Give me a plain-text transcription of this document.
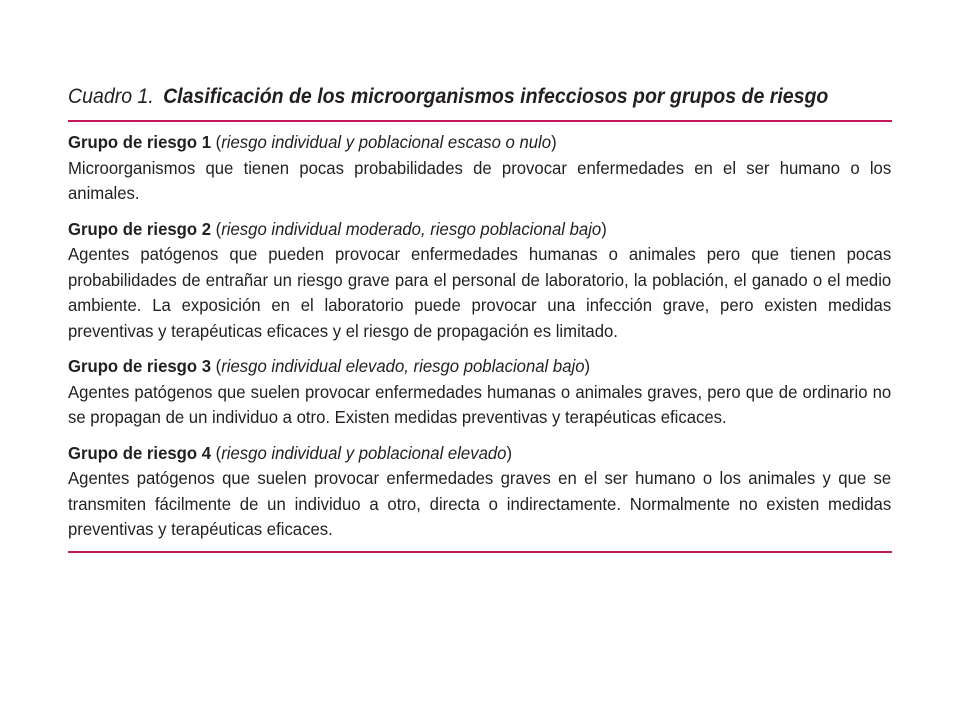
Cuadro 1. Clasificación de los microorganismos infecciosos por grupos de riesgo
Grupo de riesgo 1 (riesgo individual y poblacional escaso o nulo)
Microorganismos que tienen pocas probabilidades de provocar enfermedades en el ser humano o los animales.
Grupo de riesgo 2 (riesgo individual moderado, riesgo poblacional bajo)
Agentes patógenos que pueden provocar enfermedades humanas o animales pero que tienen pocas probabilidades de entrañar un riesgo grave para el personal de laboratorio, la población, el ganado o el medio ambiente. La exposición en el laboratorio puede provocar una infección grave, pero existen medidas preventivas y terapéuticas eficaces y el riesgo de propagación es limitado.
Grupo de riesgo 3 (riesgo individual elevado, riesgo poblacional bajo)
Agentes patógenos que suelen provocar enfermedades humanas o animales graves, pero que de ordinario no se propagan de un individuo a otro. Existen medidas preventivas y terapéuticas eficaces.
Grupo de riesgo 4 (riesgo individual y poblacional elevado)
Agentes patógenos que suelen provocar enfermedades graves en el ser humano o los animales y que se transmiten fácilmente de un individuo a otro, directa o indirectamente. Normalmente no existen medidas preventivas y terapéuticas eficaces.
